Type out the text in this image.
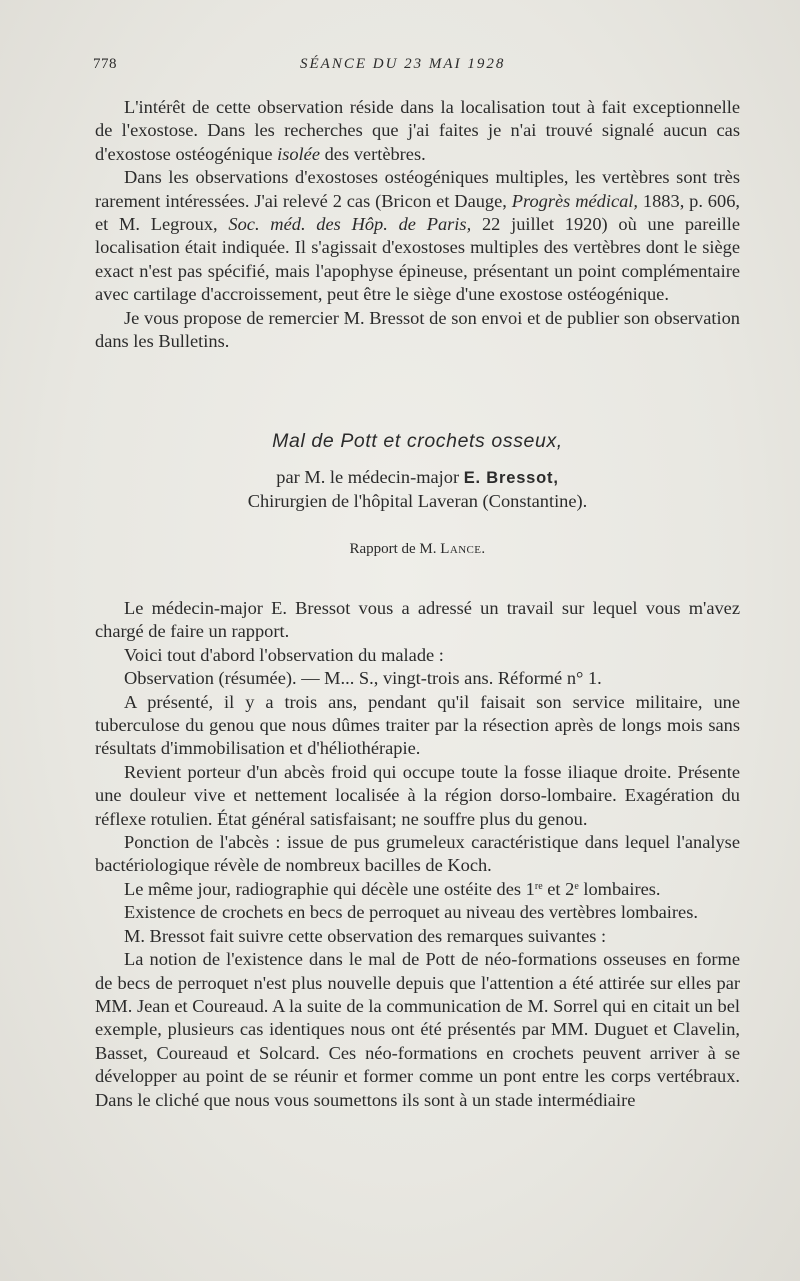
778	SÉANCE DU 23 MAI 1928

L'intérêt de cette observation réside dans la localisation tout à fait exceptionnelle de l'exostose. Dans les recherches que j'ai faites je n'ai trouvé signalé aucun cas d'exostose ostéogénique isolée des vertèbres.

Dans les observations d'exostoses ostéogéniques multiples, les vertèbres sont très rarement intéressées. J'ai relevé 2 cas (Bricon et Dauge, Progrès médical, 1883, p. 606, et M. Legroux, Soc. méd. des Hôp. de Paris, 22 juillet 1920) où une pareille localisation était indiquée. Il s'agissait d'exostoses multiples des vertèbres dont le siège exact n'est pas spécifié, mais l'apophyse épineuse, présentant un point complémentaire avec cartilage d'accroissement, peut être le siège d'une exostose ostéogénique.

Je vous propose de remercier M. Bressot de son envoi et de publier son observation dans les Bulletins.

Mal de Pott et crochets osseux,
par M. le médecin-major E. Bressot,
Chirurgien de l'hôpital Laveran (Constantine).
Rapport de M. Lance.

Le médecin-major E. Bressot vous a adressé un travail sur lequel vous m'avez chargé de faire un rapport.

Voici tout d'abord l'observation du malade :

Observation (résumée). — M... S., vingt-trois ans. Réformé n° 1.

A présenté, il y a trois ans, pendant qu'il faisait son service militaire, une tuberculose du genou que nous dûmes traiter par la résection après de longs mois sans résultats d'immobilisation et d'héliothérapie.

Revient porteur d'un abcès froid qui occupe toute la fosse iliaque droite. Présente une douleur vive et nettement localisée à la région dorso-lombaire. Exagération du réflexe rotulien. État général satisfaisant; ne souffre plus du genou.

Ponction de l'abcès : issue de pus grumeleux caractéristique dans lequel l'analyse bactériologique révèle de nombreux bacilles de Koch.

Le même jour, radiographie qui décèle une ostéite des 1re et 2e lombaires.

Existence de crochets en becs de perroquet au niveau des vertèbres lombaires.

M. Bressot fait suivre cette observation des remarques suivantes :

La notion de l'existence dans le mal de Pott de néo-formations osseuses en forme de becs de perroquet n'est plus nouvelle depuis que l'attention a été attirée sur elles par MM. Jean et Coureaud. A la suite de la communication de M. Sorrel qui en citait un bel exemple, plusieurs cas identiques nous ont été présentés par MM. Duguet et Clavelin, Basset, Coureaud et Solcard. Ces néo-formations en crochets peuvent arriver à se développer au point de se réunir et former comme un pont entre les corps vertébraux. Dans le cliché que nous vous soumettons ils sont à un stade intermédiaire
